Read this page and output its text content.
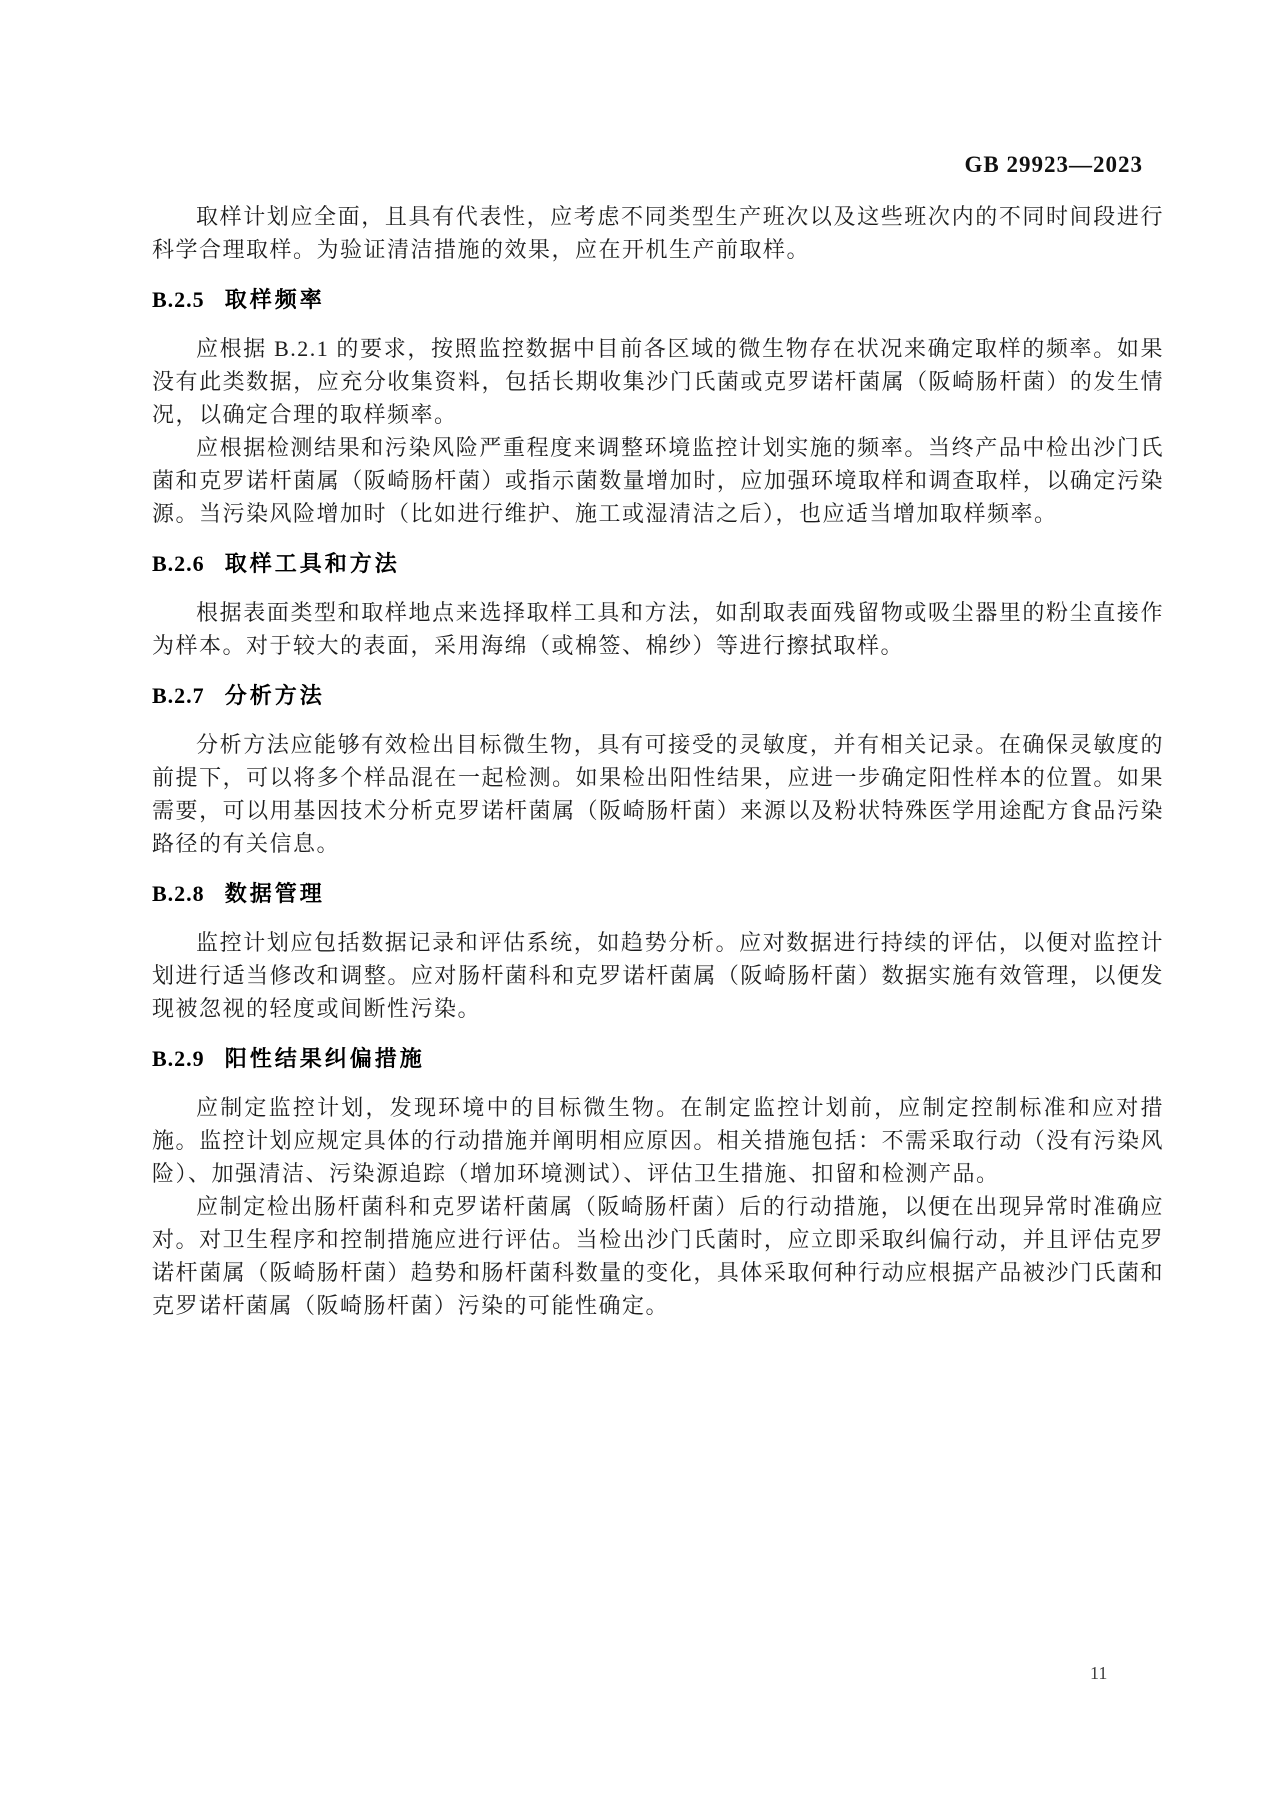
GB 29923—2023

取样计划应全面，且具有代表性，应考虑不同类型生产班次以及这些班次内的不同时间段进行科学合理取样。为验证清洁措施的效果，应在开机生产前取样。

B.2.5 取样频率

应根据 B.2.1 的要求，按照监控数据中目前各区域的微生物存在状况来确定取样的频率。如果没有此类数据，应充分收集资料，包括长期收集沙门氏菌或克罗诺杆菌属（阪崎肠杆菌）的发生情况，以确定合理的取样频率。

应根据检测结果和污染风险严重程度来调整环境监控计划实施的频率。当终产品中检出沙门氏菌和克罗诺杆菌属（阪崎肠杆菌）或指示菌数量增加时，应加强环境取样和调查取样，以确定污染源。当污染风险增加时（比如进行维护、施工或湿清洁之后），也应适当增加取样频率。

B.2.6 取样工具和方法

根据表面类型和取样地点来选择取样工具和方法，如刮取表面残留物或吸尘器里的粉尘直接作为样本。对于较大的表面，采用海绵（或棉签、棉纱）等进行擦拭取样。

B.2.7 分析方法

分析方法应能够有效检出目标微生物，具有可接受的灵敏度，并有相关记录。在确保灵敏度的前提下，可以将多个样品混在一起检测。如果检出阳性结果，应进一步确定阳性样本的位置。如果需要，可以用基因技术分析克罗诺杆菌属（阪崎肠杆菌）来源以及粉状特殊医学用途配方食品污染路径的有关信息。

B.2.8 数据管理

监控计划应包括数据记录和评估系统，如趋势分析。应对数据进行持续的评估，以便对监控计划进行适当修改和调整。应对肠杆菌科和克罗诺杆菌属（阪崎肠杆菌）数据实施有效管理，以便发现被忽视的轻度或间断性污染。

B.2.9 阳性结果纠偏措施

应制定监控计划，发现环境中的目标微生物。在制定监控计划前，应制定控制标准和应对措施。监控计划应规定具体的行动措施并阐明相应原因。相关措施包括：不需采取行动（没有污染风险）、加强清洁、污染源追踪（增加环境测试）、评估卫生措施、扣留和检测产品。

应制定检出肠杆菌科和克罗诺杆菌属（阪崎肠杆菌）后的行动措施，以便在出现异常时准确应对。对卫生程序和控制措施应进行评估。当检出沙门氏菌时，应立即采取纠偏行动，并且评估克罗诺杆菌属（阪崎肠杆菌）趋势和肠杆菌科数量的变化，具体采取何种行动应根据产品被沙门氏菌和克罗诺杆菌属（阪崎肠杆菌）污染的可能性确定。

11
